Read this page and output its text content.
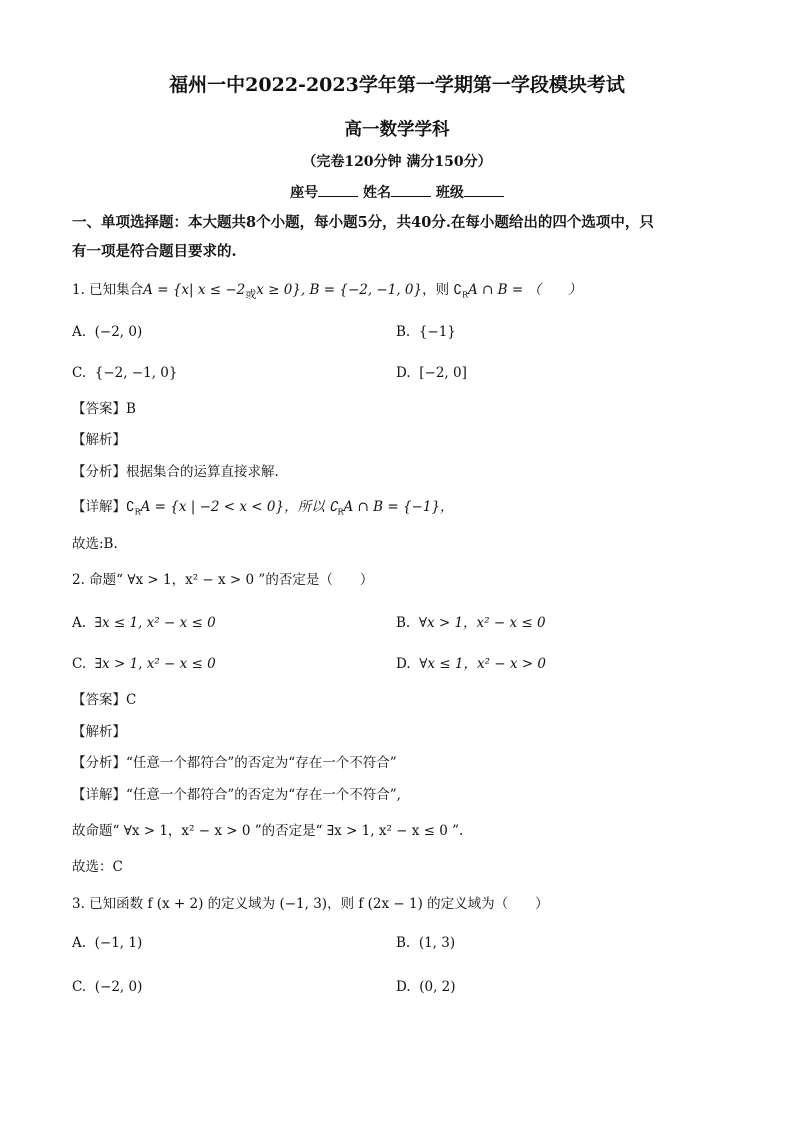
福州一中2022-2023学年第一学期第一学段模块考试
高一数学学科
（完卷120分钟 满分150分）
座号	姓名	班级
一、单项选择题：本大题共8个小题，每小题5分，共40分.在每小题给出的四个选项中，只
有一项是符合题目要求的.
1. 已知集合A = {x| $x \le -2_或x \ge 0$}, B = {−2, −1, 0}，则 $∁_RA$ ∩ B = （　　）
A. (−2, 0)	B. {−1}
C. {−2, −1, 0}	D. [−2, 0]
【答案】B
【解析】
【分析】根据集合的运算直接求解.
【详解】$∁_RA = \{x$ | −2 < x < 0}，所以 $∁_RA$ ∩ B = {−1}，
故选:B.
2. 命题“ ∀x > 1，x² − x > 0 ”的否定是（　　）
A. ∃x ≤ 1, x² − x ≤ 0	B. ∀x > 1，x² − x ≤ 0
C. ∃x > 1, x² − x ≤ 0	D. ∀x ≤ 1，x² − x > 0
【答案】C
【解析】
【分析】“任意一个都符合”的否定为“存在一个不符合”
【详解】“任意一个都符合”的否定为“存在一个不符合”,
故命题“ ∀x > 1，x² − x > 0 ”的否定是“ ∃x > 1, x² − x ≤ 0 ”.
故选：C
3. 已知函数 f (x + 2) 的定义域为 (−1, 3)，则 f (2x − 1) 的定义域为（　　）
A. (−1, 1)	B. (1, 3)
C. (−2, 0)	D. (0, 2)
